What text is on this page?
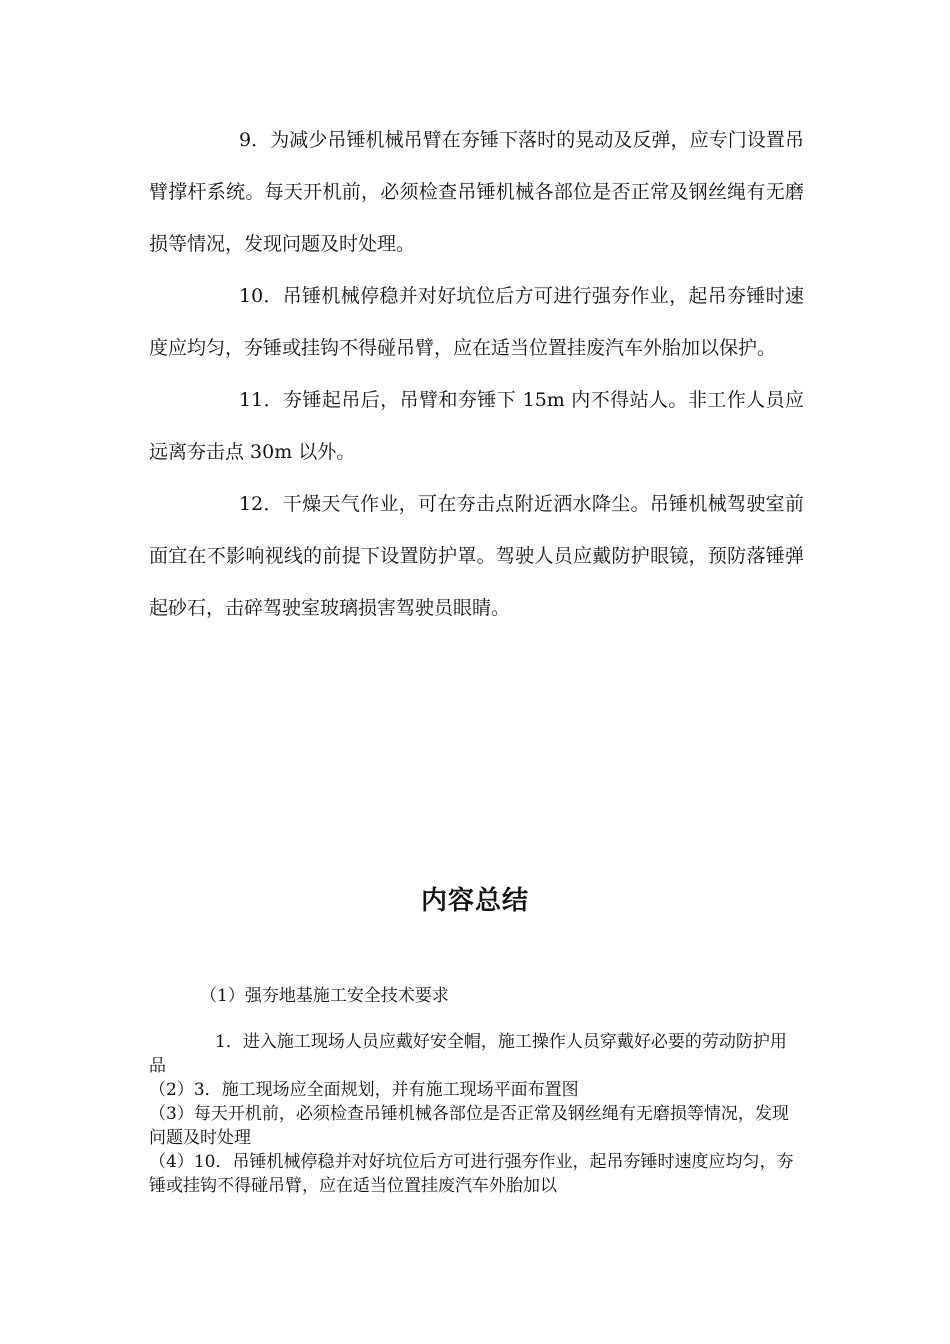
9．为减少吊锤机械吊臂在夯锤下落时的晃动及反弹，应专门设置吊臂撑杆系统。每天开机前，必须检查吊锤机械各部位是否正常及钢丝绳有无磨损等情况，发现问题及时处理。

10．吊锤机械停稳并对好坑位后方可进行强夯作业，起吊夯锤时速度应均匀，夯锤或挂钩不得碰吊臂，应在适当位置挂废汽车外胎加以保护。

11．夯锤起吊后，吊臂和夯锤下 15m 内不得站人。非工作人员应远离夯击点 30m 以外。

12．干燥天气作业，可在夯击点附近洒水降尘。吊锤机械驾驶室前面宜在不影响视线的前提下设置防护罩。驾驶人员应戴防护眼镜，预防落锤弹起砂石，击碎驾驶室玻璃损害驾驶员眼睛。

内容总结

（1）强夯地基施工安全技术要求

1．进入施工现场人员应戴好安全帽，施工操作人员穿戴好必要的劳动防护用品

（2）3．施工现场应全面规划，并有施工现场平面布置图

（3）每天开机前，必须检查吊锤机械各部位是否正常及钢丝绳有无磨损等情况，发现问题及时处理

（4）10．吊锤机械停稳并对好坑位后方可进行强夯作业，起吊夯锤时速度应均匀，夯锤或挂钩不得碰吊臂，应在适当位置挂废汽车外胎加以
